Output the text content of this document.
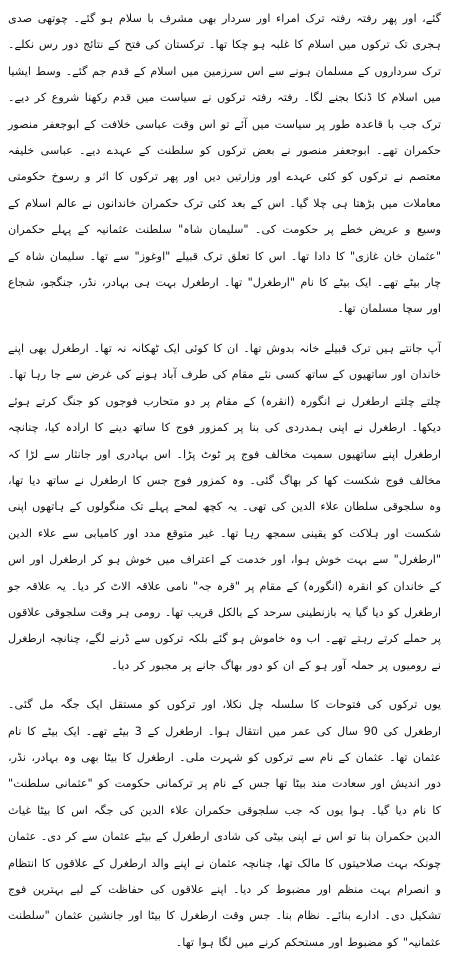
گئے، اور پھر رفتہ رفتہ ترک امراء اور سردار بھی مشرف با سلام ہو گئے۔ چوتھی صدی ہجری تک ترکوں میں اسلام کا غلبہ ہو چکا تھا۔ ترکستان کی فتح کے نتائج دور رس نکلے۔ ترک سرداروں کے مسلمان ہونے سے اس سرزمین میں اسلام کے قدم جم گئے۔ وسط ایشیا میں اسلام کا ڈنکا بجنے لگا۔ رفتہ رفتہ ترکوں نے سیاست میں قدم رکھنا شروع کر دیے۔ ترک جب با قاعدہ طور پر سیاست میں آئے تو اس وقت عباسی خلافت کے ابوجعفر منصور حکمران تھے۔ ابوجعفر منصور نے بعض ترکوں کو سلطنت کے عہدے دیے۔ عباسی خلیفہ معتصم نے ترکوں کو کئی عہدے اور وزارتیں دیں اور پھر ترکوں کا اثر و رسوخ حکومتی معاملات میں بڑھتا ہی چلا گیا۔ اس کے بعد کئی ترک حکمران خاندانوں نے عالم اسلام کے وسیع و عریض خطے پر حکومت کی۔ "سلیمان شاہ" سلطنت عثمانیہ کے پہلے حکمران "عثمان خان غازی" کا دادا تھا۔ اس کا تعلق ترک قبیلے "اوغوز" سے تھا۔ سلیمان شاہ کے چار بیٹے تھے۔ ایک بیٹے کا نام "ارطغرل" تھا۔ ارطغرل بہت ہی بہادر، نڈر، جنگجو، شجاع اور سچا مسلمان تھا۔

آپ جانتے ہیں ترک قبیلے خانہ بدوش تھا۔ ان کا کوئی ایک ٹھکانہ نہ تھا۔ ارطغرل بھی اپنے خاندان اور ساتھیوں کے ساتھ کسی نئے مقام کی طرف آباد ہونے کی غرض سے جا رہا تھا۔ چلتے چلتے ارطغرل نے انگورہ (انقرہ) کے مقام پر دو متحارب فوجوں کو جنگ کرتے ہوئے دیکھا۔ ارطغرل نے اپنی ہمدردی کی بنا پر کمزور فوج کا ساتھ دینے کا ارادہ کیا، چنانچہ ارطغرل اپنے ساتھیوں سمیت مخالف فوج پر ٹوٹ پڑا۔ اس بہادری اور جانثار سے لڑا کہ مخالف فوج شکست کھا کر بھاگ گئی۔ وہ کمزور فوج جس کا ارطغرل نے ساتھ دیا تھا، وہ سلجوقی سلطان علاء الدین کی تھی۔ یہ کچھ لمحے پہلے تک منگولوں کے ہاتھوں اپنی شکست اور ہلاکت کو یقینی سمجھ رہا تھا۔ غیر متوقع مدد اور کامیابی سے علاء الدین "ارطغرل" سے بہت خوش ہوا، اور خدمت کے اعتراف میں خوش ہو کر ارطغرل اور اس کے خاندان کو انقرہ (انگورہ) کے مقام پر "قرہ جہ" نامی علاقہ الاٹ کر دیا۔ یہ علاقہ جو ارطغرل کو دیا گیا یہ بازنطینی سرحد کے بالکل قریب تھا۔ رومی ہر وقت سلجوقی علاقوں پر حملے کرتے رہتے تھے۔ اب وہ خاموش ہو گئے بلکہ ترکوں سے ڈرنے لگے، چنانچہ ارطغرل نے رومیوں پر حملہ آور ہو کے ان کو دور بھاگ جانے پر مجبور کر دیا۔

یوں ترکوں کی فتوحات کا سلسلہ چل نکلا، اور ترکوں کو مستقل ایک جگہ مل گئی۔ ارطغرل کی 90 سال کی عمر میں انتقال ہوا۔ ارطغرل کے 3 بیٹے تھے۔ ایک بیٹے کا نام عثمان تھا۔ عثمان کے نام سے ترکوں کو شہرت ملی۔ ارطغرل کا بیٹا بھی وہ بہادر، نڈر، دور اندیش اور سعادت مند بیٹا تھا جس کے نام پر ترکمانی حکومت کو "عثمانی سلطنت" کا نام دیا گیا۔ ہوا یوں کہ جب سلجوقی حکمران علاء الدین کی جگہ اس کا بیٹا غیاث الدین حکمران بنا تو اس نے اپنی بیٹی کی شادی ارطغرل کے بیٹے عثمان سے کر دی۔ عثمان چونکہ بہت صلاحیتوں کا مالک تھا، چنانچہ عثمان نے اپنے والد ارطغرل کے علاقوں کا انتظام و انصرام بہت منظم اور مضبوط کر دیا۔ اپنے علاقوں کی حفاظت کے لیے بہترین فوج تشکیل دی۔ ادارے بنائے۔ نظام بنا۔ جس وقت ارطغرل کا بیٹا اور جانشین عثمان "سلطنت عثمانیہ" کو مضبوط اور مستحکم کرنے میں لگا ہوا تھا۔
